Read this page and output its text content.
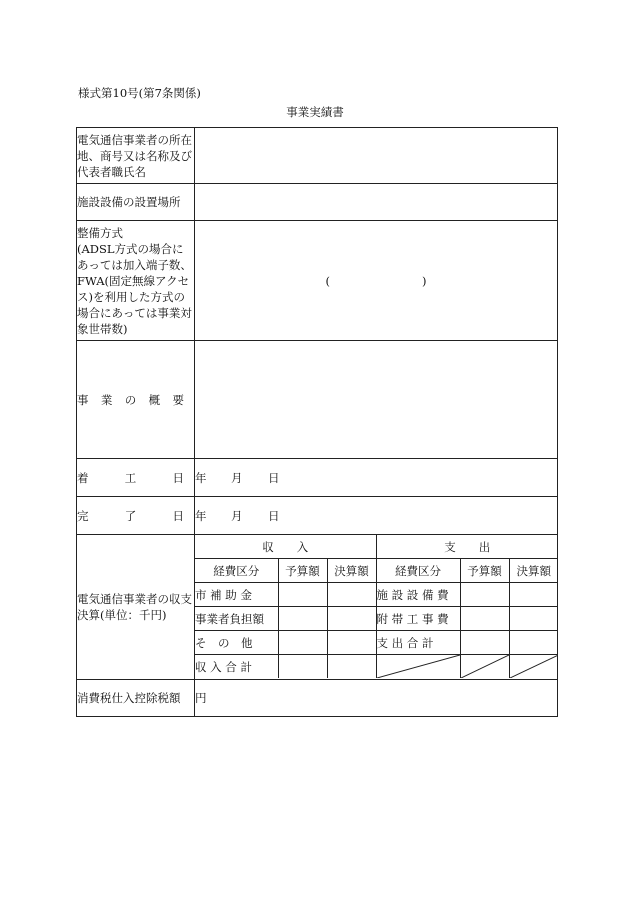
様式第10号(第7条関係)
事業実績書
電気通信事業者の所在地、商号又は名称及び代表者職氏名	
施設設備の設置場所	

整備方式
(ADSL方式の場合にあっては加入端子数、FWA(固定無線アクセス)を利用した方式の場合にあっては事業対象世帯数)
	(	)

事 業 の 概 要

着	工	日	年 月 日

完	了	日	年 月 日
電気通信事業者の収支決算(単位：千円)	
収　　入	支　　出
経費区分	予算額	決算額	経費区分	予算額	決算額
市 補 助 金			施 設 設 備 費		
事業者負担額			附 帯 工 事 費		
そ　の　他			支 出 合 計		
収 入 合 計			

消費税仕入控除税額	円
